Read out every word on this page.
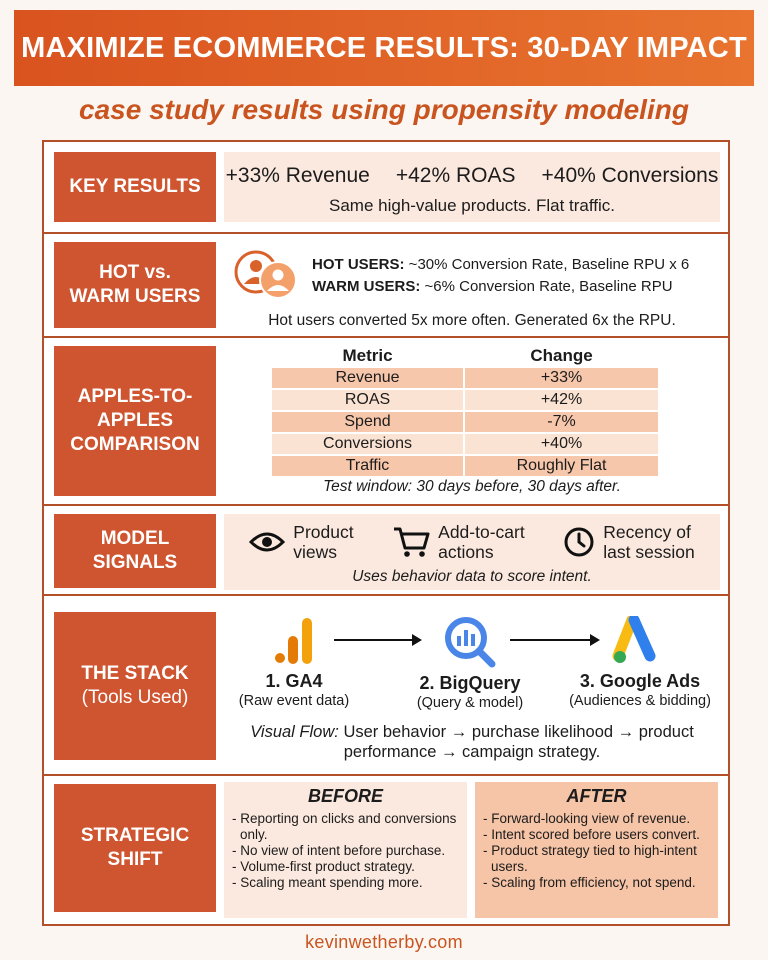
MAXIMIZE ECOMMERCE RESULTS: 30-DAY IMPACT
case study results using propensity modeling
KEY RESULTS +33% Revenue +42% ROAS +40% Conversions
Same high-value products. Flat traffic.
HOT vs.
WARM USERS
HOT USERS: ~30% Conversion Rate, Baseline RPU x 6
WARM USERS: ~6% Conversion Rate, Baseline RPU
Hot users converted 5x more often. Generated 6x the RPU.
APPLES-TO-
APPLES
COMPARISON
Metric	Change
Revenue	+33%
ROAS	+42%
Spend	-7%
Conversions	+40%
Traffic	Roughly Flat
Test window: 30 days before, 30 days after.
MODEL
SIGNALS
Product
views
Add-to-cart
actions
Recency of
last session
Uses behavior data to score intent.
THE STACK
(Tools Used)
1. GA4
(Raw event data)
2. BigQuery
(Query & model)
3. Google Ads
(Audiences & bidding)
Visual Flow: User behavior → purchase likelihood → product
performance → campaign strategy.
STRATEGIC
SHIFT
BEFORE
- Reporting on clicks and conversions only.
- No view of intent before purchase.
- Volume-first product strategy.
- Scaling meant spending more.
AFTER
- Forward-looking view of revenue.
- Intent scored before users convert.
- Product strategy tied to high-intent users.
- Scaling from efficiency, not spend.
kevinwetherby.com
